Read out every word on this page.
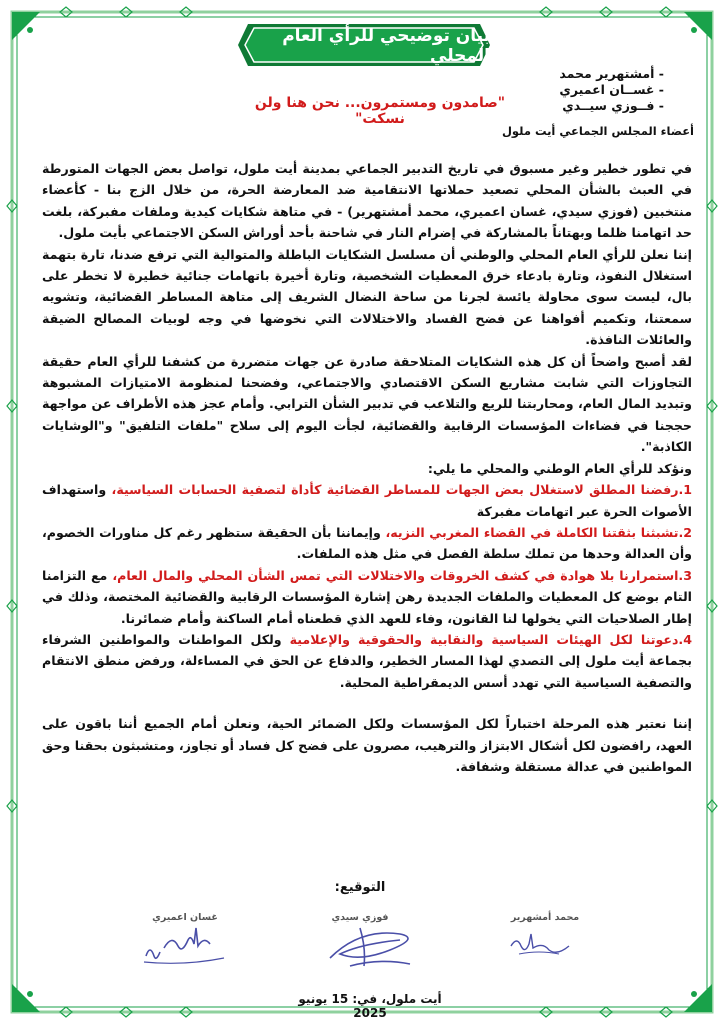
بيان توضيحي للرأي العام المحلي
- أمشتهرير محمد
- غســان اعميري
- فــوزي سيــدي
"صامدون ومستمرون... نحن هنا ولن نسكت"
أعضاء المجلس الجماعي أيت ملول

في تطور خطير وغير مسبوق في تاريخ التدبير الجماعي بمدينة أيت ملول، تواصل بعض الجهات المتورطة في العبث بالشأن المحلي تصعيد حملاتها الانتقامية ضد المعارضة الحرة، من خلال الزج بنا - كأعضاء منتخبين (فوزي سيدي، غسان اعميري، محمد أمشتهرير) - في متاهة شكايات كيدية وملفات مفبركة، بلغت حد اتهامنا ظلما وبهتاناً بالمشاركة في إضرام النار في شاحنة بأحد أوراش السكن الاجتماعي بأيت ملول.

إننا نعلن للرأي العام المحلي والوطني أن مسلسل الشكايات الباطلة والمتوالية التي ترفع ضدنا، تارة بتهمة استغلال النفوذ، وتارة بادعاء خرق المعطيات الشخصية، وتارة أخيرة باتهامات جنائية خطيرة لا تخطر على بال، ليست سوى محاولة يائسة لجرنا من ساحة النضال الشريف إلى متاهة المساطر القضائية، وتشويه سمعتنا، وتكميم أفواهنا عن فضح الفساد والاختلالات التي نخوضها في وجه لوبيات المصالح الضيقة والعائلات النافذة.

لقد أصبح واضحاً أن كل هذه الشكايات المتلاحقة صادرة عن جهات متضررة من كشفنا للرأي العام حقيقة التجاوزات التي شابت مشاريع السكن الاقتصادي والاجتماعي، وفضحنا لمنظومة الامتيازات المشبوهة وتبديد المال العام، ومحاربتنا للريع والتلاعب في تدبير الشأن الترابي. وأمام عجز هذه الأطراف عن مواجهة حججنا في فضاءات المؤسسات الرقابية والقضائية، لجأت اليوم إلى سلاح "ملفات التلفيق" و"الوشايات الكاذبة".

ونؤكد للرأي العام الوطني والمحلي ما يلي:

1.رفضنا المطلق لاستغلال بعض الجهات للمساطر القضائية كأداة لتصفية الحسابات السياسية، واستهداف الأصوات الحرة عبر اتهامات مفبركة

2.تشبثنا بثقتنا الكاملة في القضاء المغربي النزيه، وإيماننا بأن الحقيقة ستظهر رغم كل مناورات الخصوم، وأن العدالة وحدها من تملك سلطة الفصل في مثل هذه الملفات.

3.استمرارنا بلا هوادة في كشف الخروقات والاختلالات التي تمس الشأن المحلي والمال العام، مع التزامنا التام بوضع كل المعطيات والملفات الجديدة رهن إشارة المؤسسات الرقابية والقضائية المختصة، وذلك في إطار الصلاحيات التي يخولها لنا القانون، وفاء للعهد الذي قطعناه أمام الساكنة وأمام ضمائرنا.

4.دعوتنا لكل الهيئات السياسية والنقابية والحقوقية والإعلامية ولكل المواطنات والمواطنين الشرفاء بجماعة أيت ملول إلى التصدي لهذا المسار الخطير، والدفاع عن الحق في المساءلة، ورفض منطق الانتقام والتصفية السياسية التي تهدد أسس الديمقراطية المحلية.

إننا نعتبر هذه المرحلة اختباراً لكل المؤسسات ولكل الضمائر الحية، ونعلن أمام الجميع أننا باقون على العهد، رافضون لكل أشكال الابتزاز والترهيب، مصرون على فضح كل فساد أو تجاوز، ومتشبثون بحقنا وحق المواطنين في عدالة مستقلة وشفافة.

التوقيع:
غسان اعميري	فوزي سيدي	محمد أمشهرير
أيت ملول، في: 15 يونيو 2025
